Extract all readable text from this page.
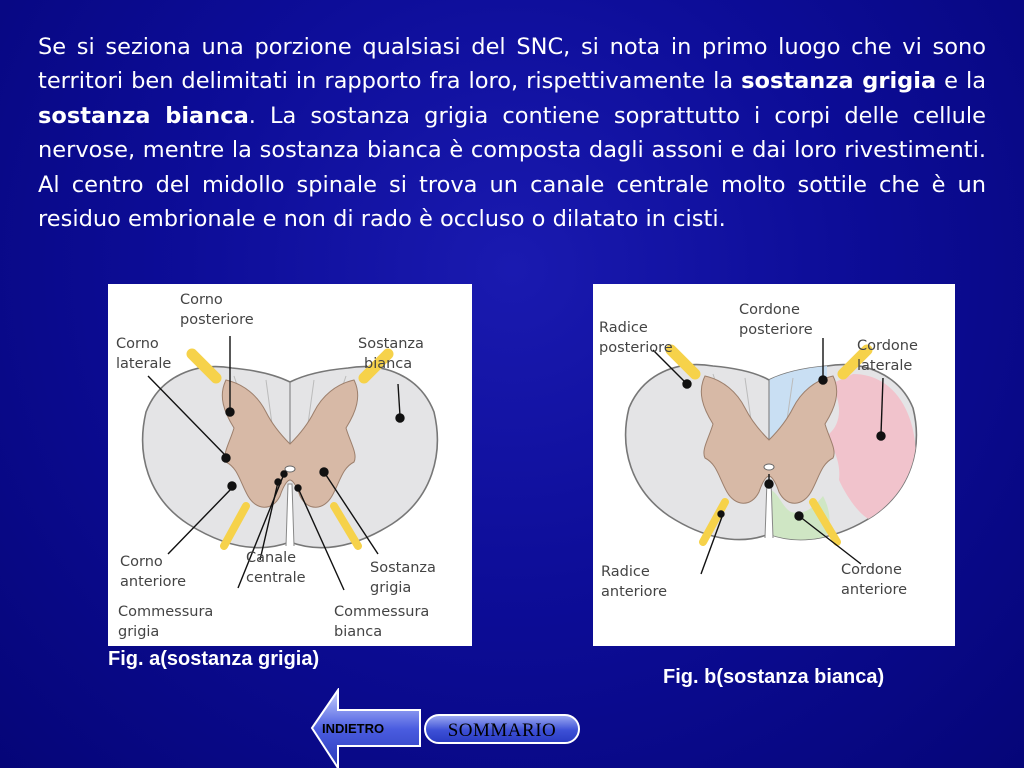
Se si seziona una porzione qualsiasi del SNC, si nota in primo luogo che vi sono territori ben delimitati in rapporto fra loro, rispettivamente la sostanza grigia e la sostanza bianca. La sostanza grigia contiene soprattutto i corpi delle cellule nervose, mentre la sostanza bianca è composta dagli assoni e dai loro rivestimenti. Al centro del midollo spinale si trova un canale centrale molto sottile che è un residuo embrionale e non di rado è occluso o dilatato in cisti.

Corno posteriore
Corno laterale
Sostanza bianca
Corno anteriore
Canale centrale
Sostanza grigia
Commessura grigia
Commessura bianca
Radice posteriore
Cordone posteriore
Cordone laterale
Radice anteriore
Cordone anteriore
Fig. a(sostanza grigia)
Fig. b(sostanza bianca)
INDIETRO	SOMMARIO
